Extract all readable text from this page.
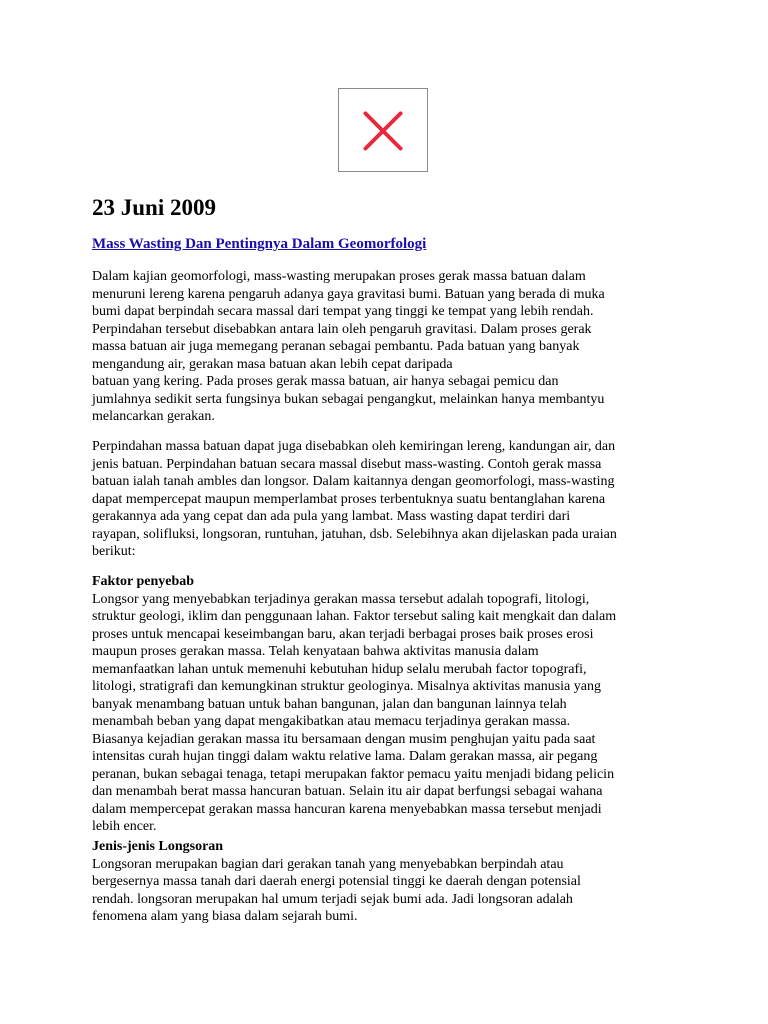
23 Juni 2009
Mass Wasting Dan Pentingnya Dalam Geomorfologi
Dalam kajian geomorfologi, mass-wasting merupakan proses gerak massa batuan dalam
menuruni lereng karena pengaruh adanya gaya gravitasi bumi. Batuan yang berada di muka
bumi dapat berpindah secara massal dari tempat yang tinggi ke tempat yang lebih rendah.
Perpindahan tersebut disebabkan antara lain oleh pengaruh gravitasi. Dalam proses gerak
massa batuan air juga memegang peranan sebagai pembantu. Pada batuan yang banyak
mengandung air, gerakan masa batuan akan lebih cepat daripada
batuan yang kering. Pada proses gerak massa batuan, air hanya sebagai pemicu dan
jumlahnya sedikit serta fungsinya bukan sebagai pengangkut, melainkan hanya membantyu
melancarkan gerakan.
Perpindahan massa batuan dapat juga disebabkan oleh kemiringan lereng, kandungan air, dan
jenis batuan. Perpindahan batuan secara massal disebut mass-wasting. Contoh gerak massa
batuan ialah tanah ambles dan longsor. Dalam kaitannya dengan geomorfologi, mass-wasting
dapat mempercepat maupun memperlambat proses terbentuknya suatu bentanglahan karena
gerakannya ada yang cepat dan ada pula yang lambat. Mass wasting dapat terdiri dari
rayapan, solifluksi, longsoran, runtuhan, jatuhan, dsb. Selebihnya akan dijelaskan pada uraian
berikut:
Faktor penyebab
Longsor yang menyebabkan terjadinya gerakan massa tersebut adalah topografi, litologi,
struktur geologi, iklim dan penggunaan lahan. Faktor tersebut saling kait mengkait dan dalam
proses untuk mencapai keseimbangan baru, akan terjadi berbagai proses baik proses erosi
maupun proses gerakan massa. Telah kenyataan bahwa aktivitas manusia dalam
memanfaatkan lahan untuk memenuhi kebutuhan hidup selalu merubah factor topografi,
litologi, stratigrafi dan kemungkinan struktur geologinya. Misalnya aktivitas manusia yang
banyak menambang batuan untuk bahan bangunan, jalan dan bangunan lainnya telah
menambah beban yang dapat mengakibatkan atau memacu terjadinya gerakan massa.
Biasanya kejadian gerakan massa itu bersamaan dengan musim penghujan yaitu pada saat
intensitas curah hujan tinggi dalam waktu relative lama. Dalam gerakan massa, air pegang
peranan, bukan sebagai tenaga, tetapi merupakan faktor pemacu yaitu menjadi bidang pelicin
dan menambah berat massa hancuran batuan. Selain itu air dapat berfungsi sebagai wahana
dalam mempercepat gerakan massa hancuran karena menyebabkan massa tersebut menjadi
lebih encer.
Jenis-jenis Longsoran
Longsoran merupakan bagian dari gerakan tanah yang menyebabkan berpindah atau
bergesernya massa tanah dari daerah energi potensial tinggi ke daerah dengan potensial
rendah. longsoran merupakan hal umum terjadi sejak bumi ada. Jadi longsoran adalah
fenomena alam yang biasa dalam sejarah bumi.
